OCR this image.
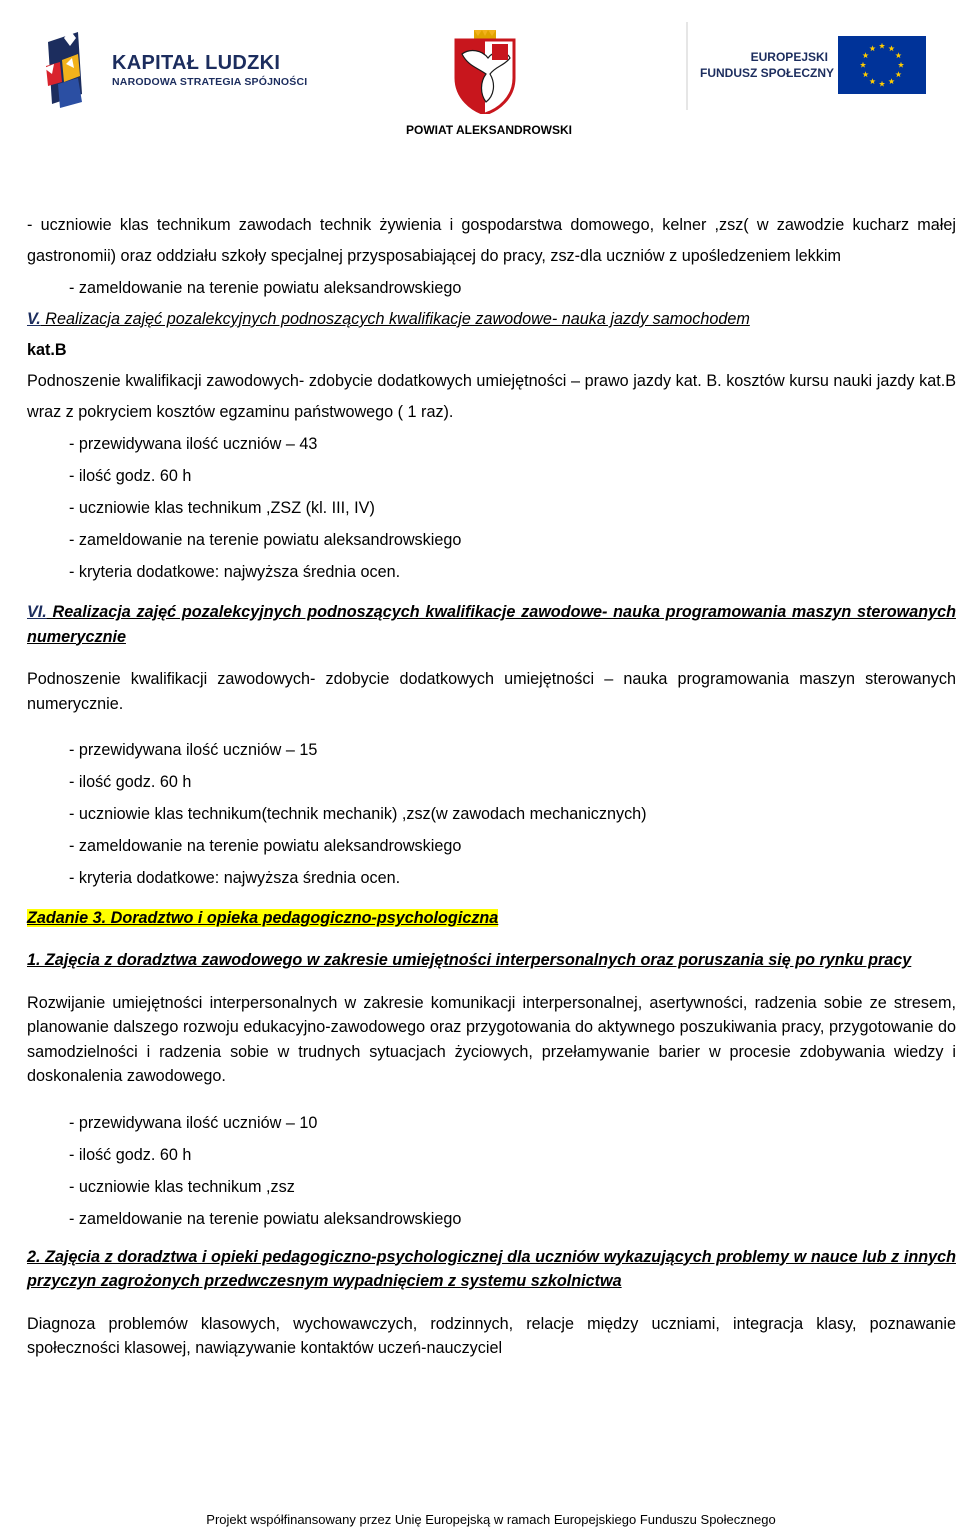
KAPITAŁ LUDZKI
NARODOWA STRATEGIA SPÓJNOŚCI
EUROPEJSKI
FUNDUSZ SPOŁECZNY
POWIAT ALEKSANDROWSKI

- uczniowie klas technikum zawodach technik żywienia i gospodarstwa domowego, kelner ,zsz( w zawodzie kucharz małej gastronomii) oraz oddziału szkoły specjalnej przysposabiającej do pracy, zsz-dla uczniów z upośledzeniem lekkim

- zameldowanie na terenie powiatu aleksandrowskiego

V. Realizacja zajęć pozalekcyjnych podnoszących kwalifikacje zawodowe- nauka jazdy samochodem

kat.B

Podnoszenie kwalifikacji zawodowych- zdobycie dodatkowych umiejętności – prawo jazdy kat. B. kosztów kursu nauki jazdy kat.B wraz z pokryciem kosztów egzaminu państwowego ( 1 raz).

- przewidywana ilość uczniów – 43

- ilość godz. 60 h

- uczniowie klas technikum ,ZSZ (kl. III, IV)

- zameldowanie na terenie powiatu aleksandrowskiego

- kryteria dodatkowe: najwyższa średnia ocen.

VI. Realizacja zajęć pozalekcyjnych podnoszących kwalifikacje zawodowe- nauka programowania maszyn sterowanych numerycznie

Podnoszenie kwalifikacji zawodowych- zdobycie dodatkowych umiejętności – nauka programowania maszyn sterowanych numerycznie.

- przewidywana ilość uczniów – 15

- ilość godz. 60 h

- uczniowie klas technikum(technik mechanik) ,zsz(w zawodach mechanicznych)

- zameldowanie na terenie powiatu aleksandrowskiego

- kryteria dodatkowe: najwyższa średnia ocen.

Zadanie 3. Doradztwo i opieka pedagogiczno-psychologiczna

1. Zajęcia z doradztwa zawodowego w zakresie umiejętności interpersonalnych oraz poruszania się po rynku pracy

Rozwijanie umiejętności interpersonalnych w zakresie komunikacji interpersonalnej, asertywności, radzenia sobie ze stresem, planowanie dalszego rozwoju edukacyjno-zawodowego oraz przygotowania do aktywnego poszukiwania pracy, przygotowanie do samodzielności i radzenia sobie w trudnych sytuacjach życiowych, przełamywanie barier w procesie zdobywania wiedzy i doskonalenia zawodowego.

- przewidywana ilość uczniów – 10

- ilość godz. 60 h

- uczniowie klas technikum ,zsz

- zameldowanie na terenie powiatu aleksandrowskiego

2. Zajęcia z doradztwa i opieki pedagogiczno-psychologicznej dla uczniów wykazujących problemy w nauce lub z innych przyczyn zagrożonych przedwczesnym wypadnięciem z systemu szkolnictwa

Diagnoza problemów klasowych, wychowawczych, rodzinnych, relacje między uczniami, integracja klasy, poznawanie społeczności klasowej, nawiązywanie kontaktów uczeń-nauczyciel

Projekt współfinansowany przez Unię Europejską w ramach Europejskiego Funduszu Społecznego
